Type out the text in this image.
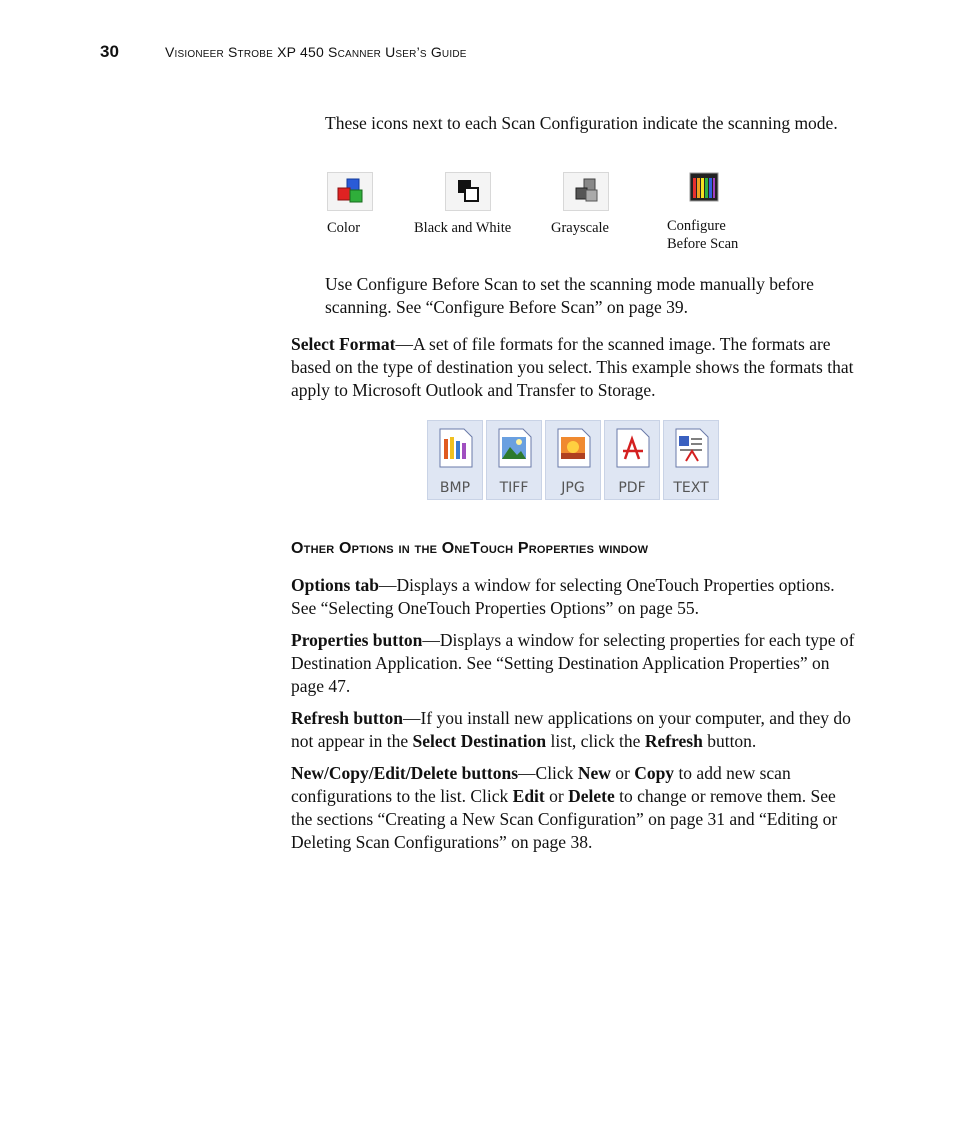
30	Visioneer Strobe XP 450 Scanner User’s Guide

These icons next to each Scan Configuration indicate the scanning mode.

Color	Black and White	Grayscale	Configure
Before Scan

Use Configure Before Scan to set the scanning mode manually before scanning. See “Configure Before Scan” on page 39.

Select Format—A set of file formats for the scanned image. The formats are based on the type of destination you select. This example shows the formats that apply to Microsoft Outlook and Transfer to Storage.

BMP	TIFF	JPG	PDF	TEXT
Other Options in the OneTouch Properties window

Options tab—Displays a window for selecting OneTouch Properties options. See “Selecting OneTouch Properties Options” on page 55.

Properties button—Displays a window for selecting properties for each type of Destination Application. See “Setting Destination Application Properties” on page 47.

Refresh button—If you install new applications on your computer, and they do not appear in the Select Destination list, click the Refresh button.

New/Copy/Edit/Delete buttons—Click New or Copy to add new scan configurations to the list. Click Edit or Delete to change or remove them. See the sections “Creating a New Scan Configuration” on page 31 and “Editing or Deleting Scan Configurations” on page 38.
